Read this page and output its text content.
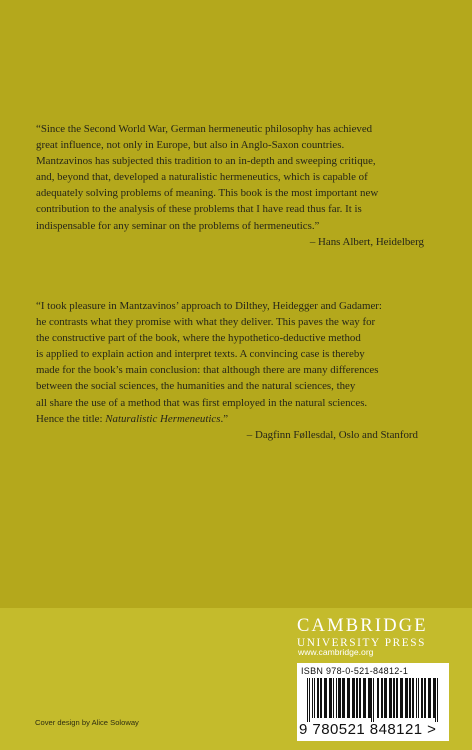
“Since the Second World War, German hermeneutic philosophy has achieved
great influence, not only in Europe, but also in Anglo-Saxon countries.
Mantzavinos has subjected this tradition to an in-depth and sweeping critique,
and, beyond that, developed a naturalistic hermeneutics, which is capable of
adequately solving problems of meaning. This book is the most important new
contribution to the analysis of these problems that I have read thus far. It is
indispensable for any seminar on the problems of hermeneutics.”
– Hans Albert, Heidelberg
“I took pleasure in Mantzavinos’ approach to Dilthey, Heidegger and Gadamer:
he contrasts what they promise with what they deliver. This paves the way for
the constructive part of the book, where the hypothetico-deductive method
is applied to explain action and interpret texts. A convincing case is thereby
made for the book’s main conclusion: that although there are many differences
between the social sciences, the humanities and the natural sciences, they
all share the use of a method that was first employed in the natural sciences.
Hence the title: Naturalistic Hermeneutics.”
– Dagfinn Føllesdal, Oslo and Stanford
CAMBRIDGE
UNIVERSITY PRESS
www.cambridge.org
ISBN 978-0-521-84812-1
9 780521 848121 >
Cover design by Alice Soloway
